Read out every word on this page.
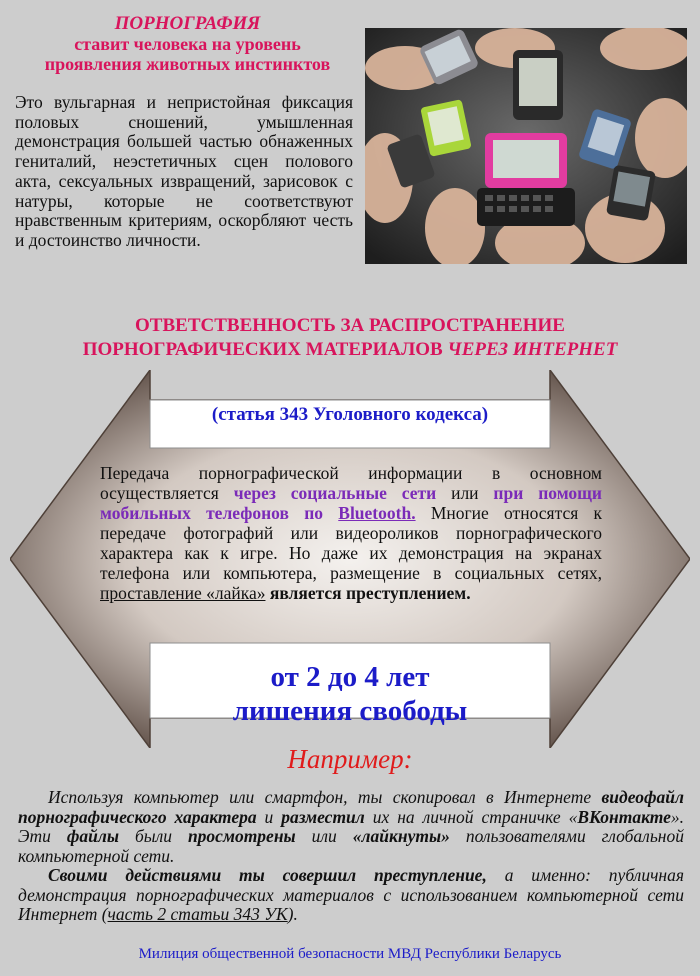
ПОРНОГРАФИЯ
ставит человека на уровень
проявления животных инстинктов
Это вульгарная и непристойная фиксация половых сношений, умышленная демонстрация большей частью обнаженных гениталий, неэстетичных сцен полового акта, сексуальных извращений, зарисовок с натуры, которые не соответствуют нравственным критериям, оскорбляют честь и достоинство личности.
ОТВЕТСТВЕННОСТЬ ЗА РАСПРОСТРАНЕНИЕ
ПОРНОГРАФИЧЕСКИХ МАТЕРИАЛОВ ЧЕРЕЗ ИНТЕРНЕТ
(статья 343 Уголовного кодекса)
Передача порнографической информации в основном осуществляется через социальные сети или при помощи мобильных телефонов по Bluetooth. Многие относятся к передаче фотографий или видеороликов порнографического характера как к игре. Но даже их демонстрация на экранах телефона или компьютера, размещение в социальных сетях, проставление «лайка» является преступлением.
от 2 до 4 лет
лишения свободы
Например:

Используя компьютер или смартфон, ты скопировал в Интернете видеофайл порнографического характера и разместил их на личной страничке «ВКонтакте». Эти файлы были просмотрены или «лайкнуты» пользователями глобальной компьютерной сети.

Своими действиями ты совершил преступление, а именно: публичная демонстрация порнографических материалов с использованием компьютерной сети Интернет (часть 2 статьи 343 УК).

Милиция общественной безопасности МВД Республики Беларусь
